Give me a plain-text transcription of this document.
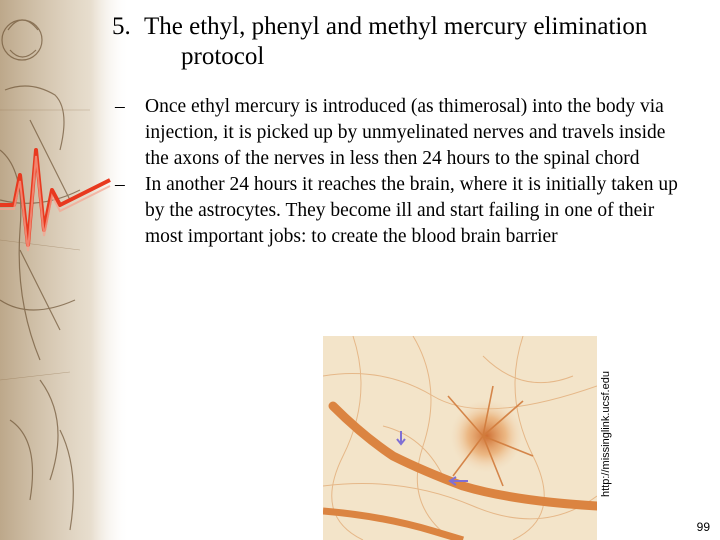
5. The ethyl, phenyl and methyl mercury elimination
protocol
– Once ethyl mercury is introduced (as thimerosal) into the body via injection, it is picked up by unmyelinated nerves and travels inside the axons of the nerves in less then 24 hours to the spinal chord
– In another 24 hours it reaches the brain, where it is initially taken up by the astrocytes. They become ill and start failing in one of their most important jobs: to create the blood brain barrier
http://missinglink.ucsf.edu
99
